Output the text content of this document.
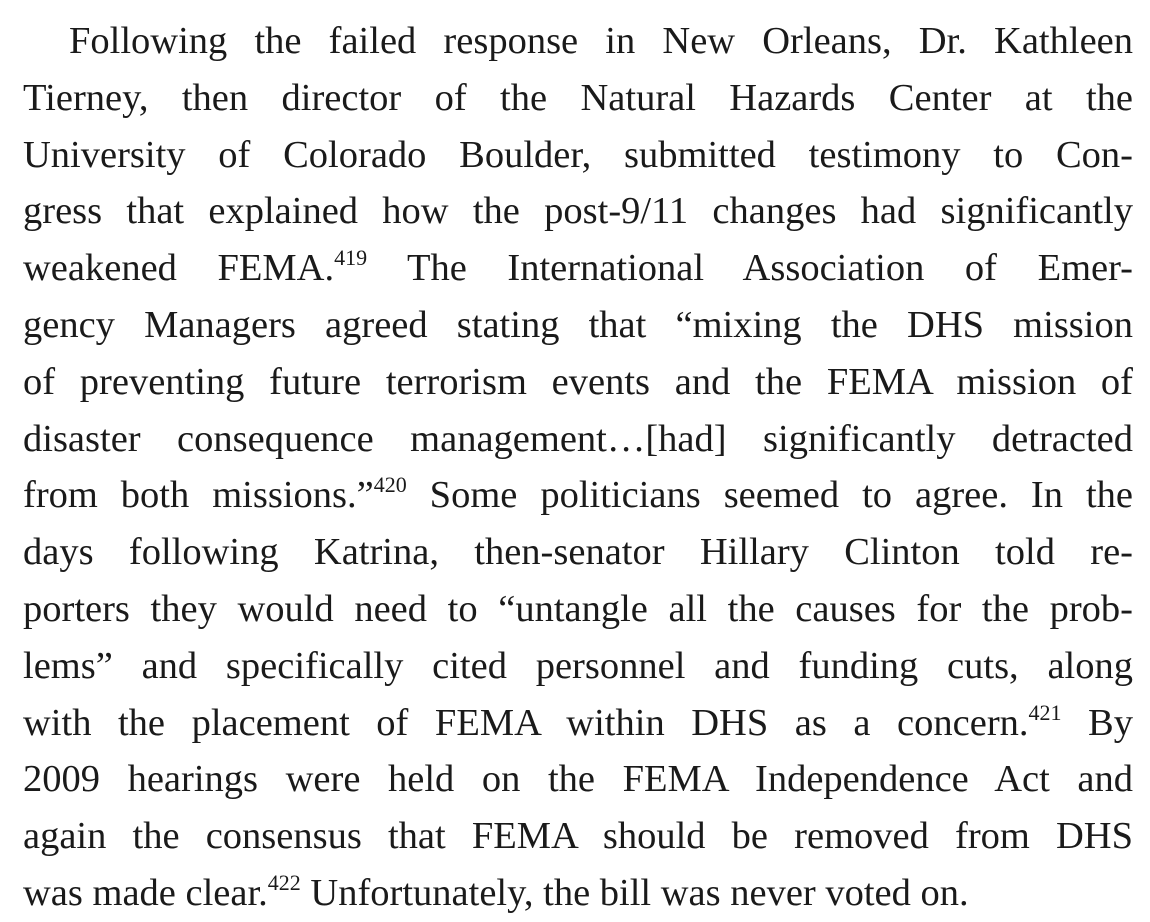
Following the failed response in New Orleans, Dr. Kathleen
Tierney, then director of the Natural Hazards Center at the
University of Colorado Boulder, submitted testimony to Con-
gress that explained how the post-9/11 changes had significantly
weakened FEMA.$^{419}$ The International Association of Emer-
gency Managers agreed stating that “mixing the DHS mission
of preventing future terrorism events and the FEMA mission of
disaster consequence management…[had] significantly detracted
from both missions.”$^{420}$ Some politicians seemed to agree. In the
days following Katrina, then-senator Hillary Clinton told re-
porters they would need to “untangle all the causes for the prob-
lems” and specifically cited personnel and funding cuts, along
with the placement of FEMA within DHS as a concern.$^{421}$ By
2009 hearings were held on the FEMA Independence Act and
again the consensus that FEMA should be removed from DHS
was made clear.$^{422}$ Unfortunately, the bill was never voted on.
